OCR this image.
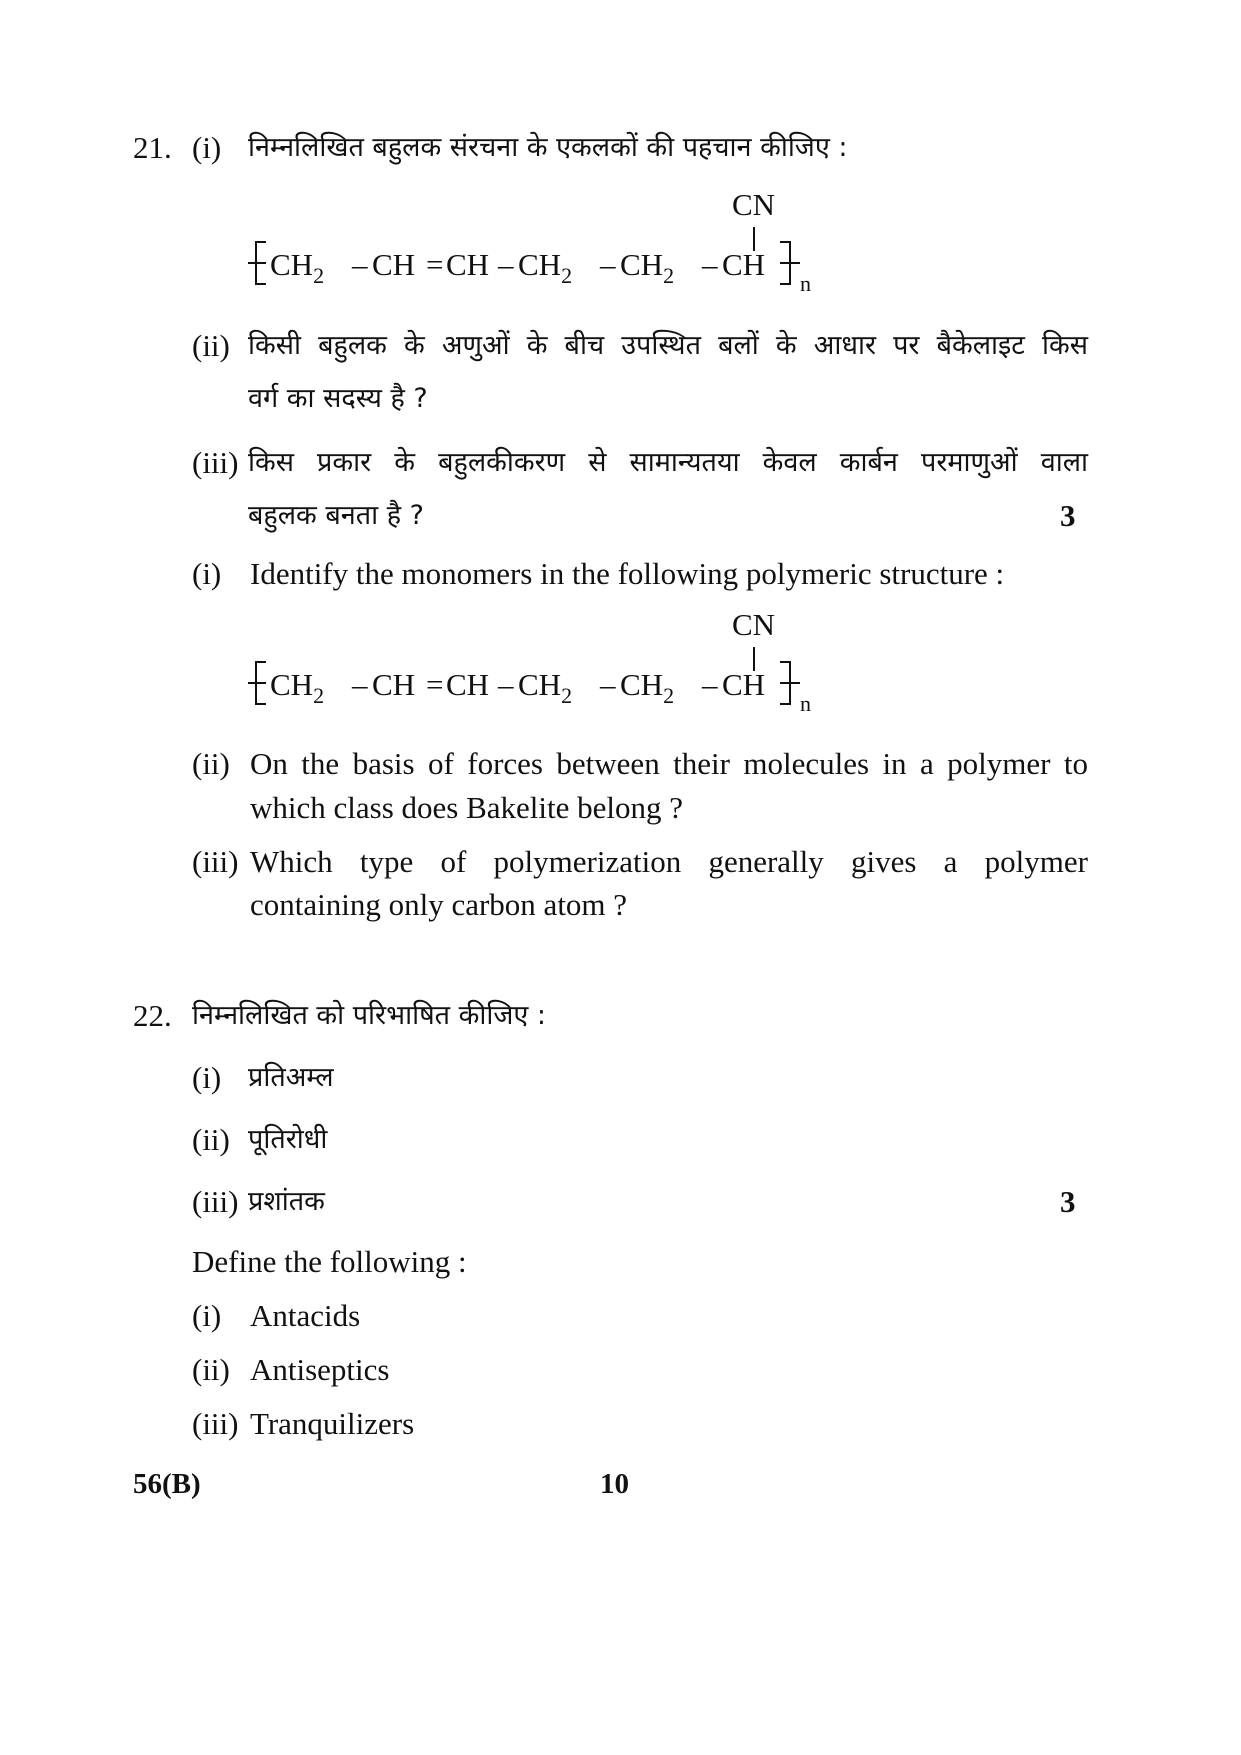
21. (i) निम्नलिखित बहुलक संरचना के एकलकों की पहचान कीजिए :
CN
$CH_2$ – CH = CH – $CH_2 - CH_2$ – CH
n
(ii) किसी बहुलक के अणुओं के बीच उपस्थित बलों के आधार पर बैकेलाइट किस
वर्ग का सदस्य है ?
(iii) किस प्रकार के बहुलकीकरण से सामान्यतया केवल कार्बन परमाणुओं वाला
बहुलक बनता है ?	3
(i) Identify the monomers in the following polymeric structure :
CN
$CH_2$ – CH = CH – $CH_2 - CH_2$ – CH
n
(ii) On the basis of forces between their molecules in a polymer to
which class does Bakelite belong ?
(iii) Which type of polymerization generally gives a polymer
containing only carbon atom ?
22. निम्नलिखित को परिभाषित कीजिए :
(i) प्रतिअम्ल
(ii) पूतिरोधी
(iii) प्रशांतक	3
Define the following :
(i) Antacids
(ii) Antiseptics
(iii) Tranquilizers
56(B)	10
